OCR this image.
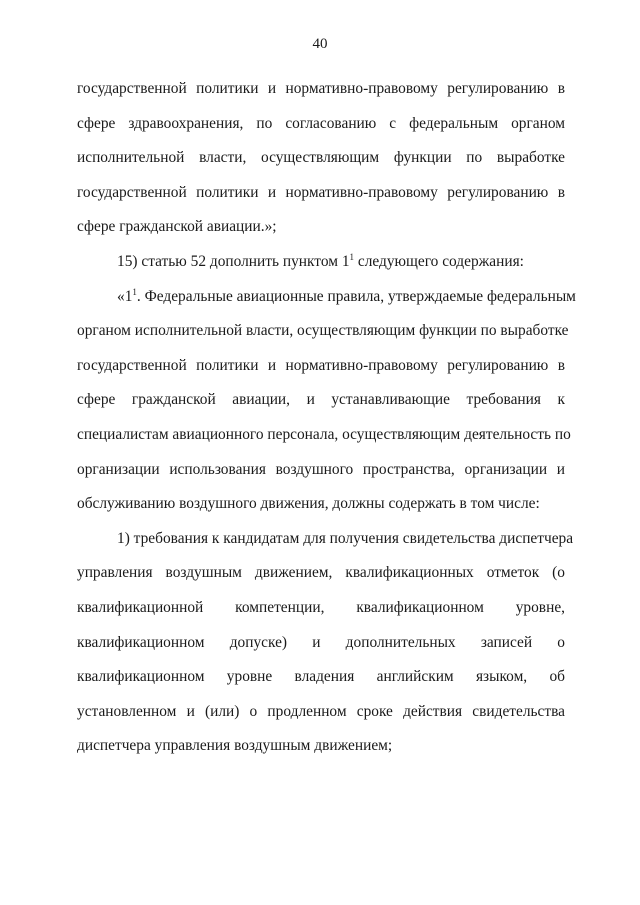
40
государственной политики и нормативно-правовому регулированию в
сфере здравоохранения, по согласованию с федеральным органом
исполнительной власти, осуществляющим функции по выработке
государственной политики и нормативно-правовому регулированию в
сфере гражданской авиации.»;
15) статью 52 дополнить пунктом $1^1$ следующего содержания:
«$1^1$. Федеральные авиационные правила, утверждаемые федеральным
органом исполнительной власти, осуществляющим функции по выработке
государственной политики и нормативно-правовому регулированию в
сфере гражданской авиации, и устанавливающие требования к
специалистам авиационного персонала, осуществляющим деятельность по
организации использования воздушного пространства, организации и
обслуживанию воздушного движения, должны содержать в том числе:
1) требования к кандидатам для получения свидетельства диспетчера
управления воздушным движением, квалификационных отметок (о
квалификационной компетенции, квалификационном уровне,
квалификационном допуске) и дополнительных записей о
квалификационном уровне владения английским языком, об
установленном и (или) о продленном сроке действия свидетельства
диспетчера управления воздушным движением;
